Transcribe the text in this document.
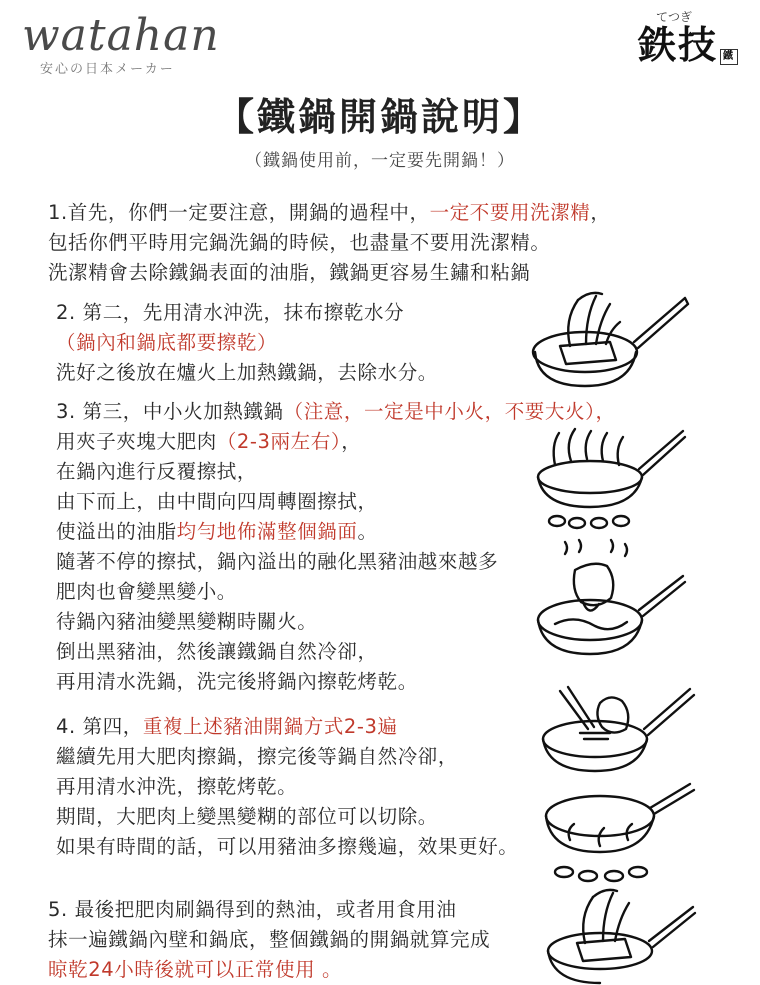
watahan
安心の日本メーカー
てつぎ
鉄技 鐵
【鐵鍋開鍋說明】
（鐵鍋使用前，一定要先開鍋！）
1.首先，你們一定要注意，開鍋的過程中，一定不要用洗潔精，
包括你們平時用完鍋洗鍋的時候，也盡量不要用洗潔精。
洗潔精會去除鐵鍋表面的油脂，鐵鍋更容易生鏽和粘鍋
2. 第二，先用清水沖洗，抹布擦乾水分
（鍋內和鍋底都要擦乾）
洗好之後放在爐火上加熱鐵鍋，去除水分。
3. 第三，中小火加熱鐵鍋（注意，一定是中小火，不要大火），
用夾子夾塊大肥肉（2-3兩左右），
在鍋內進行反覆擦拭，
由下而上，由中間向四周轉圈擦拭，
使溢出的油脂均勻地佈滿整個鍋面。
隨著不停的擦拭，鍋內溢出的融化黑豬油越來越多
肥肉也會變黑變小。
待鍋內豬油變黑變糊時關火。
倒出黑豬油，然後讓鐵鍋自然冷卻，
再用清水洗鍋，洗完後將鍋內擦乾烤乾。
4. 第四，重複上述豬油開鍋方式2-3遍
繼續先用大肥肉擦鍋，擦完後等鍋自然冷卻，
再用清水沖洗，擦乾烤乾。
期間，大肥肉上變黑變糊的部位可以切除。
如果有時間的話，可以用豬油多擦幾遍，效果更好。
5. 最後把肥肉刷鍋得到的熱油，或者用食用油
抹一遍鐵鍋內壁和鍋底，整個鐵鍋的開鍋就算完成
晾乾24小時後就可以正常使用 。
